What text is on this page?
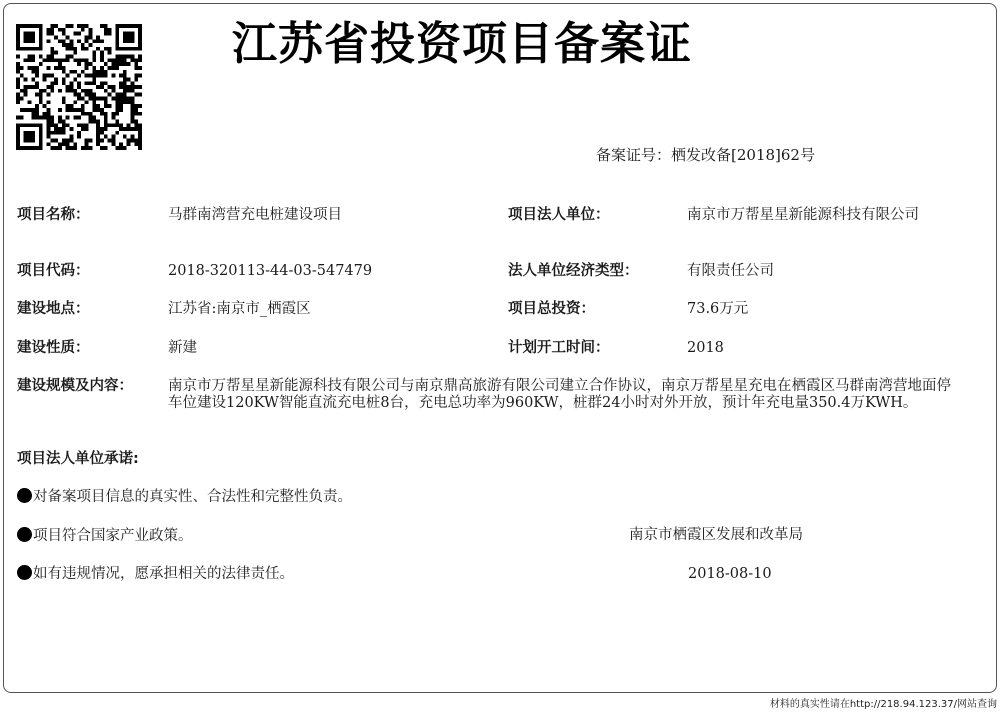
江苏省投资项目备案证
备案证号：栖发改备[2018]62号
项目名称：	马群南湾营充电桩建设项目	项目法人单位：	南京市万帮星星新能源科技有限公司
项目代码：	2018-320113-44-03-547479	法人单位经济类型：	有限责任公司
建设地点：	江苏省:南京市_栖霞区	项目总投资：	73.6万元
建设性质：	新建	计划开工时间：	2018
建设规模及内容： 南京市万帮星星新能源科技有限公司与南京鼎高旅游有限公司建立合作协议，南京万帮星星充电在栖霞区马群南湾营地面停车位建设120KW智能直流充电桩8台，充电总功率为960KW，桩群24小时对外开放，预计年充电量350.4万KWH。
项目法人单位承诺:
对备案项目信息的真实性、合法性和完整性负责。
项目符合国家产业政策。
如有违规情况，愿承担相关的法律责任。
南京市栖霞区发展和改革局
2018-08-10
材料的真实性请在http://218.94.123.37/网站查询
